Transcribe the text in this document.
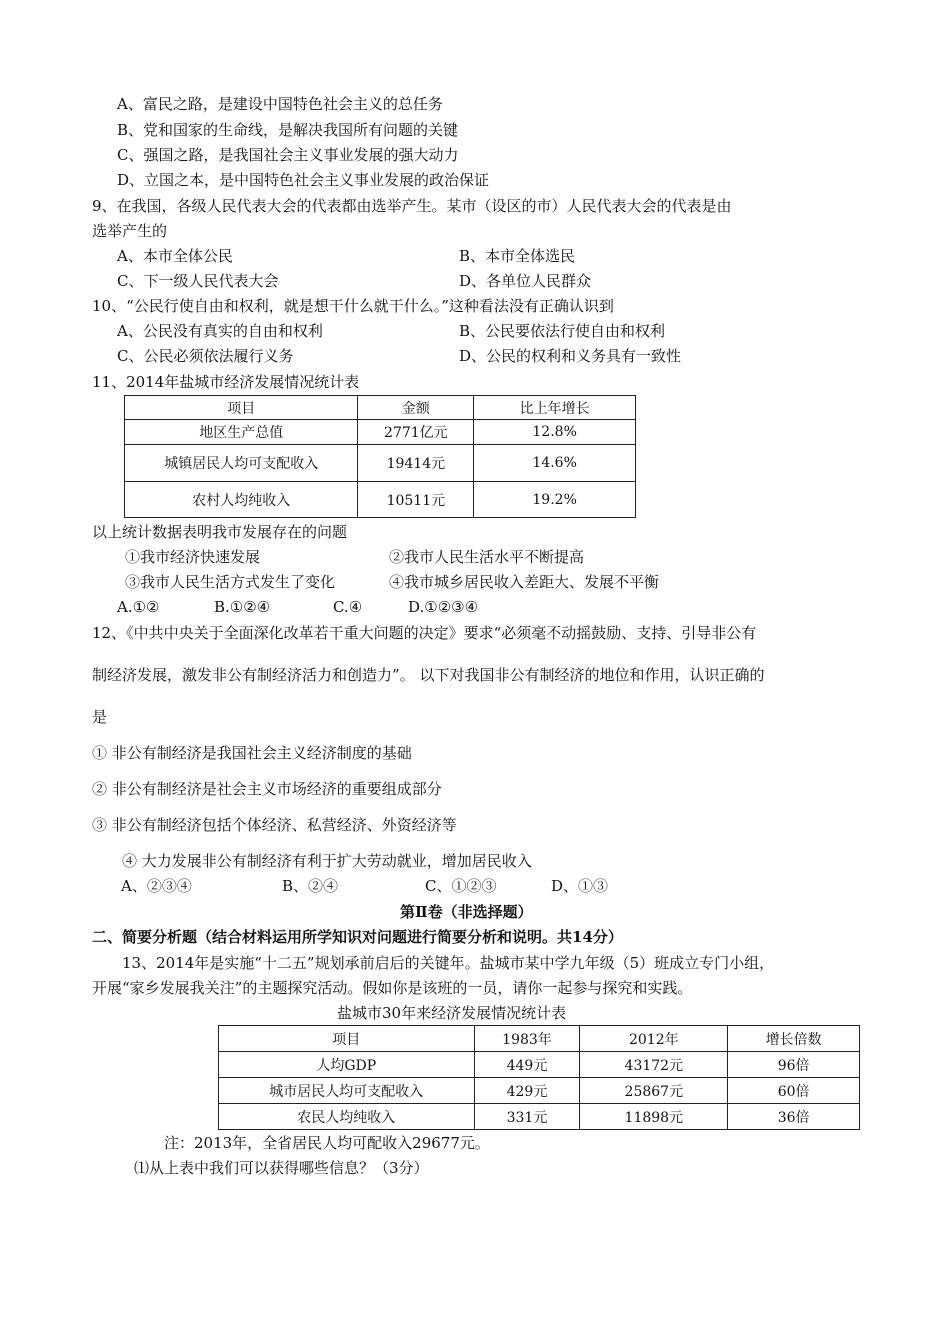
A、富民之路，是建设中国特色社会主义的总任务
B、党和国家的生命线，是解决我国所有问题的关键
C、强国之路，是我国社会主义事业发展的强大动力
D、立国之本，是中国特色社会主义事业发展的政治保证
9、在我国，各级人民代表大会的代表都由选举产生。某市（设区的市）人民代表大会的代表是由
选举产生的
A、本市全体公民	B、本市全体选民
C、下一级人民代表大会	D、各单位人民群众
10、“公民行使自由和权利，就是想干什么就干什么。”这种看法没有正确认识到
A、公民没有真实的自由和权利	B、公民要依法行使自由和权利
C、公民必须依法履行义务	D、公民的权利和义务具有一致性
11、2014年盐城市经济发展情况统计表
项目	金额	比上年增长
地区生产总值	2771亿元	12.8%
城镇居民人均可支配收入	19414元	14.6%
农村人均纯收入	10511元	19.2%
以上统计数据表明我市发展存在的问题
①我市经济快速发展	②我市人民生活水平不断提高
③我市人民生活方式发生了变化	④我市城乡居民收入差距大、发展不平衡
A.①②	B.①②④	C.④	D.①②③④
12、《中共中央关于全面深化改革若干重大问题的决定》要求“必须毫不动摇鼓励、支持、引导非公有
制经济发展，激发非公有制经济活力和创造力”。 以下对我国非公有制经济的地位和作用，认识正确的
是
① 非公有制经济是我国社会主义经济制度的基础
② 非公有制经济是社会主义市场经济的重要组成部分
③ 非公有制经济包括个体经济、私营经济、外资经济等
④ 大力发展非公有制经济有利于扩大劳动就业，增加居民收入
A、②③④	B、②④	C、①②③	D、①③
第Ⅱ卷（非选择题）
二、简要分析题（结合材料运用所学知识对问题进行简要分析和说明。共14分）
13、2014年是实施“十二五”规划承前启后的关键年。盐城市某中学九年级（5）班成立专门小组，
开展“家乡发展我关注”的主题探究活动。假如你是该班的一员，请你一起参与探究和实践。
盐城市30年来经济发展情况统计表
项目	1983年	2012年	增长倍数
人均GDP	449元	43172元	96倍
城市居民人均可支配收入	429元	25867元	60倍
农民人均纯收入	331元	11898元	36倍
注：2013年，全省居民人均可配收入29677元。
⑴从上表中我们可以获得哪些信息？（3分）
